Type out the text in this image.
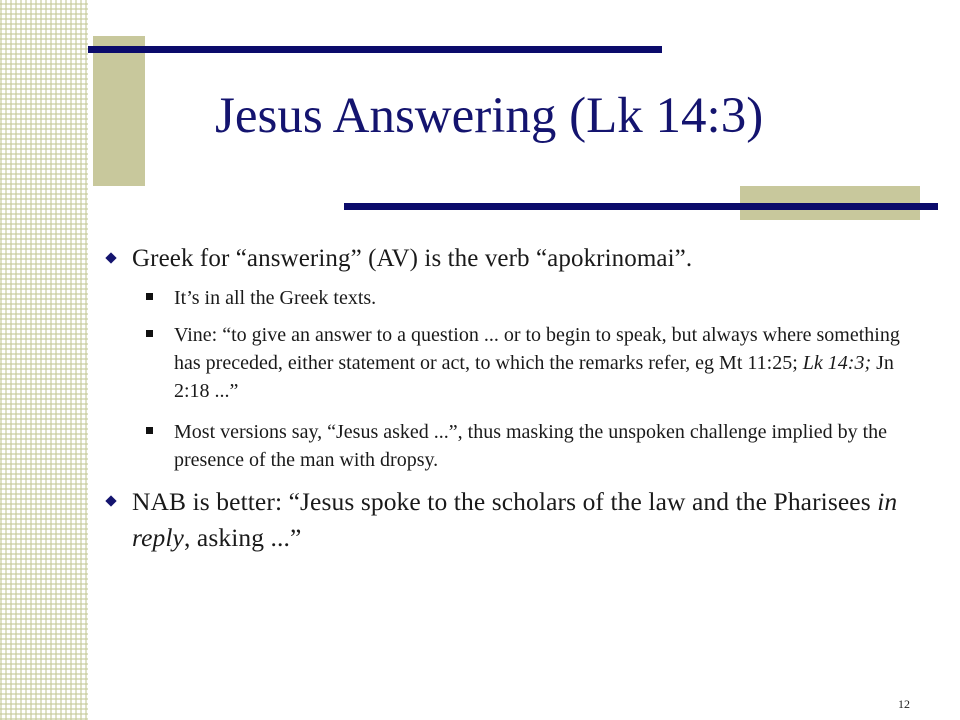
Jesus Answering (Lk 14:3)
Greek for “answering” (AV) is the verb “apokrinomai”.
It’s in all the Greek texts.
Vine: “to give an answer to a question ... or to begin to speak, but always where something has preceded, either statement or act, to which the remarks refer, eg Mt 11:25; Lk 14:3; Jn 2:18 ...”
Most versions say, “Jesus asked ...”, thus masking the unspoken challenge implied by the presence of the man with dropsy.
NAB is better: “Jesus spoke to the scholars of the law and the Pharisees in reply, asking ...”
12
